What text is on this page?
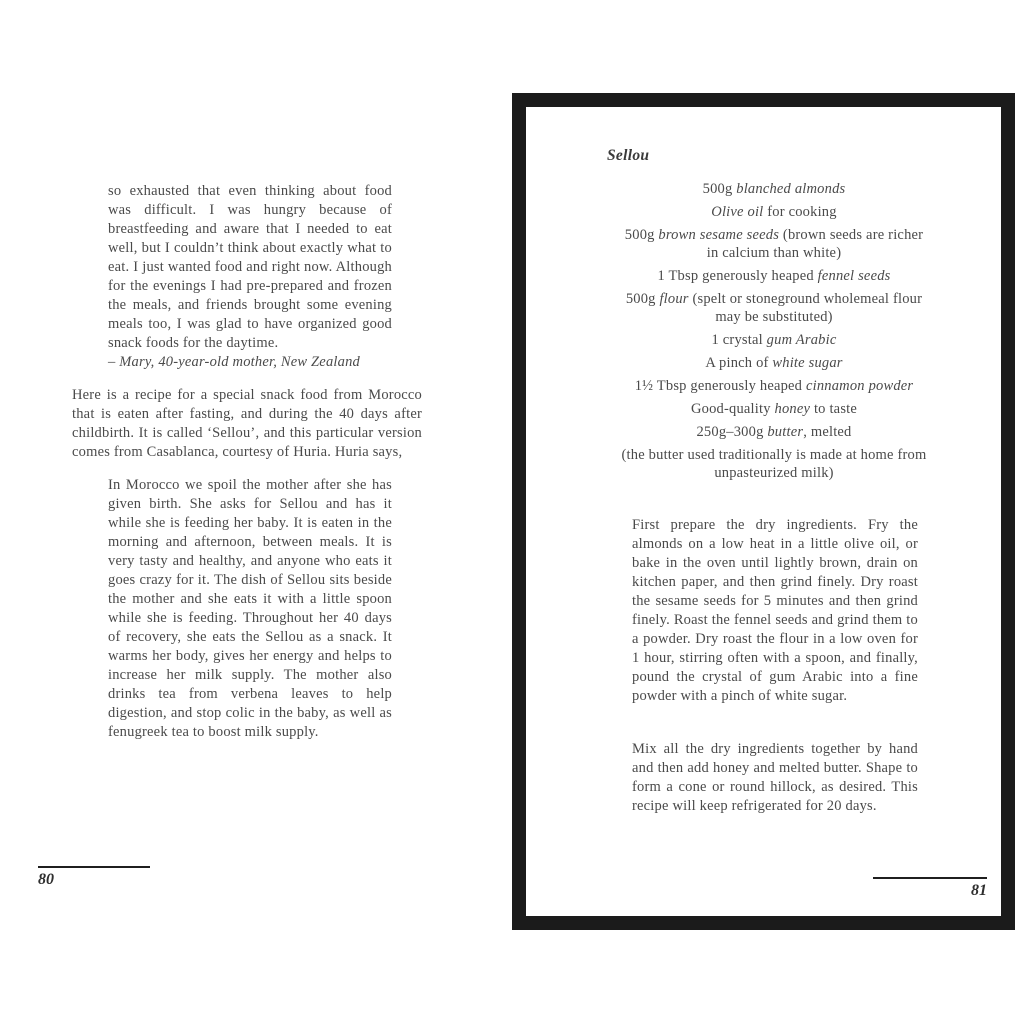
so exhausted that even thinking about food was difficult. I was hungry because of breastfeeding and aware that I needed to eat well, but I couldn’t think about exactly what to eat. I just wanted food and right now. Although for the evenings I had pre-prepared and frozen the meals, and friends brought some evening meals too, I was glad to have organized good snack foods for the daytime.
– Mary, 40-year-old mother, New Zealand
Here is a recipe for a special snack food from Morocco that is eaten after fasting, and during the 40 days after childbirth. It is called ‘Sellou’, and this particular version comes from Casablanca, courtesy of Huria. Huria says,
In Morocco we spoil the mother after she has given birth. She asks for Sellou and has it while she is feeding her baby. It is eaten in the morning and afternoon, between meals. It is very tasty and healthy, and anyone who eats it goes crazy for it. The dish of Sellou sits beside the mother and she eats it with a little spoon while she is feeding. Throughout her 40 days of recovery, she eats the Sellou as a snack. It warms her body, gives her energy and helps to increase her milk supply. The mother also drinks tea from verbena leaves to help digestion, and stop colic in the baby, as well as fenugreek tea to boost milk supply.
80
Sellou
500g blanched almonds
Olive oil for cooking
500g brown sesame seeds (brown seeds are richer in calcium than white)
1 Tbsp generously heaped fennel seeds
500g flour (spelt or stoneground wholemeal flour may be substituted)
1 crystal gum Arabic
A pinch of white sugar
1½ Tbsp generously heaped cinnamon powder
Good-quality honey to taste
250g–300g butter, melted
(the butter used traditionally is made at home from unpasteurized milk)
First prepare the dry ingredients. Fry the almonds on a low heat in a little olive oil, or bake in the oven until lightly brown, drain on kitchen paper, and then grind finely. Dry roast the sesame seeds for 5 minutes and then grind finely. Roast the fennel seeds and grind them to a powder. Dry roast the flour in a low oven for 1 hour, stirring often with a spoon, and finally, pound the crystal of gum Arabic into a fine powder with a pinch of white sugar.
Mix all the dry ingredients together by hand and then add honey and melted butter. Shape to form a cone or round hillock, as desired. This recipe will keep refrigerated for 20 days.
81
